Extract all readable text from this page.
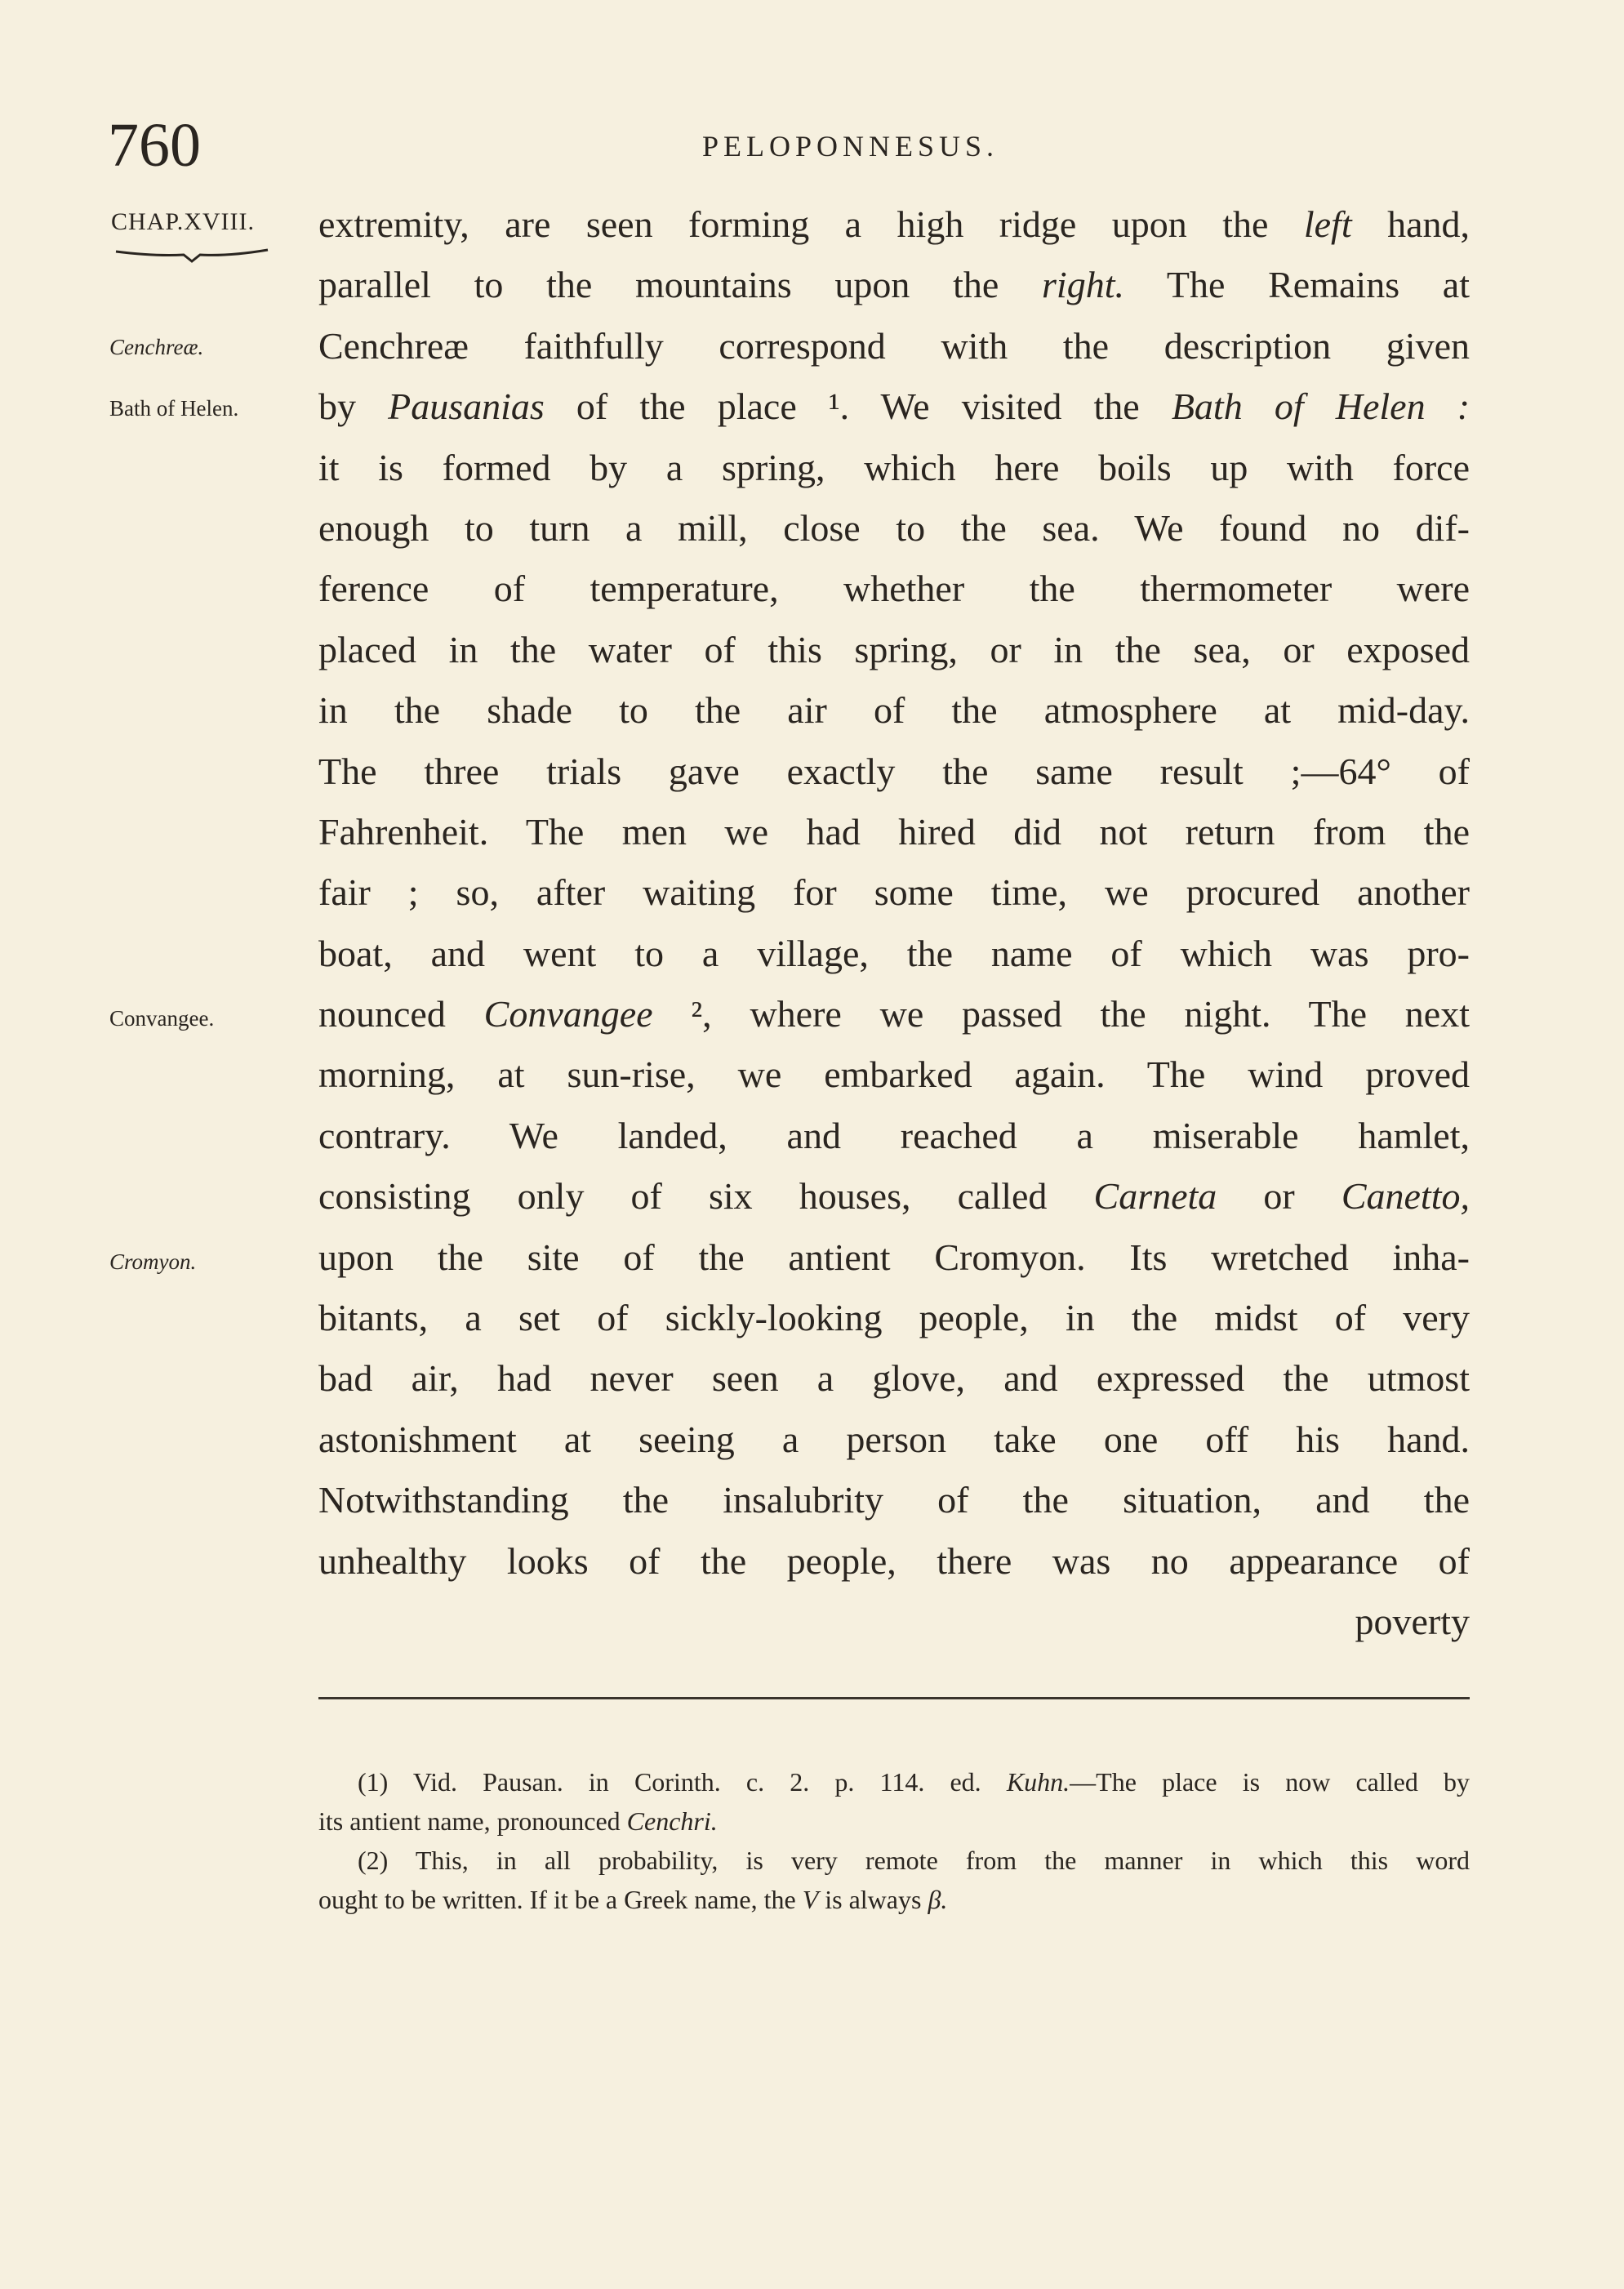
760	PELOPONNESUS.
CHAP.XVIII.
Cenchreæ.
Bath of Helen.
Convangee.
Cromyon.
extremity, are seen forming a high ridge upon the left hand,
parallel to the mountains upon the right. The Remains at
Cenchreæ faithfully correspond with the description given
by Pausanias of the place ¹. We visited the Bath of Helen :
it is formed by a spring, which here boils up with force
enough to turn a mill, close to the sea. We found no dif-
ference of temperature, whether the thermometer were
placed in the water of this spring, or in the sea, or exposed
in the shade to the air of the atmosphere at mid-day.
The three trials gave exactly the same result ;—64° of
Fahrenheit. The men we had hired did not return from the
fair ; so, after waiting for some time, we procured another
boat, and went to a village, the name of which was pro-
nounced Convangee ², where we passed the night. The next
morning, at sun-rise, we embarked again. The wind proved
contrary. We landed, and reached a miserable hamlet,
consisting only of six houses, called Carneta or Canetto,
upon the site of the antient Cromyon. Its wretched inha-
bitants, a set of sickly-looking people, in the midst of very
bad air, had never seen a glove, and expressed the utmost
astonishment at seeing a person take one off his hand.
Notwithstanding the insalubrity of the situation, and the
unhealthy looks of the people, there was no appearance of
poverty
(1) Vid. Pausan. in Corinth. c. 2. p. 114. ed. Kuhn.—The place is now called by
its antient name, pronounced Cenchri.
(2) This, in all probability, is very remote from the manner in which this word
ought to be written. If it be a Greek name, the V is always β.
